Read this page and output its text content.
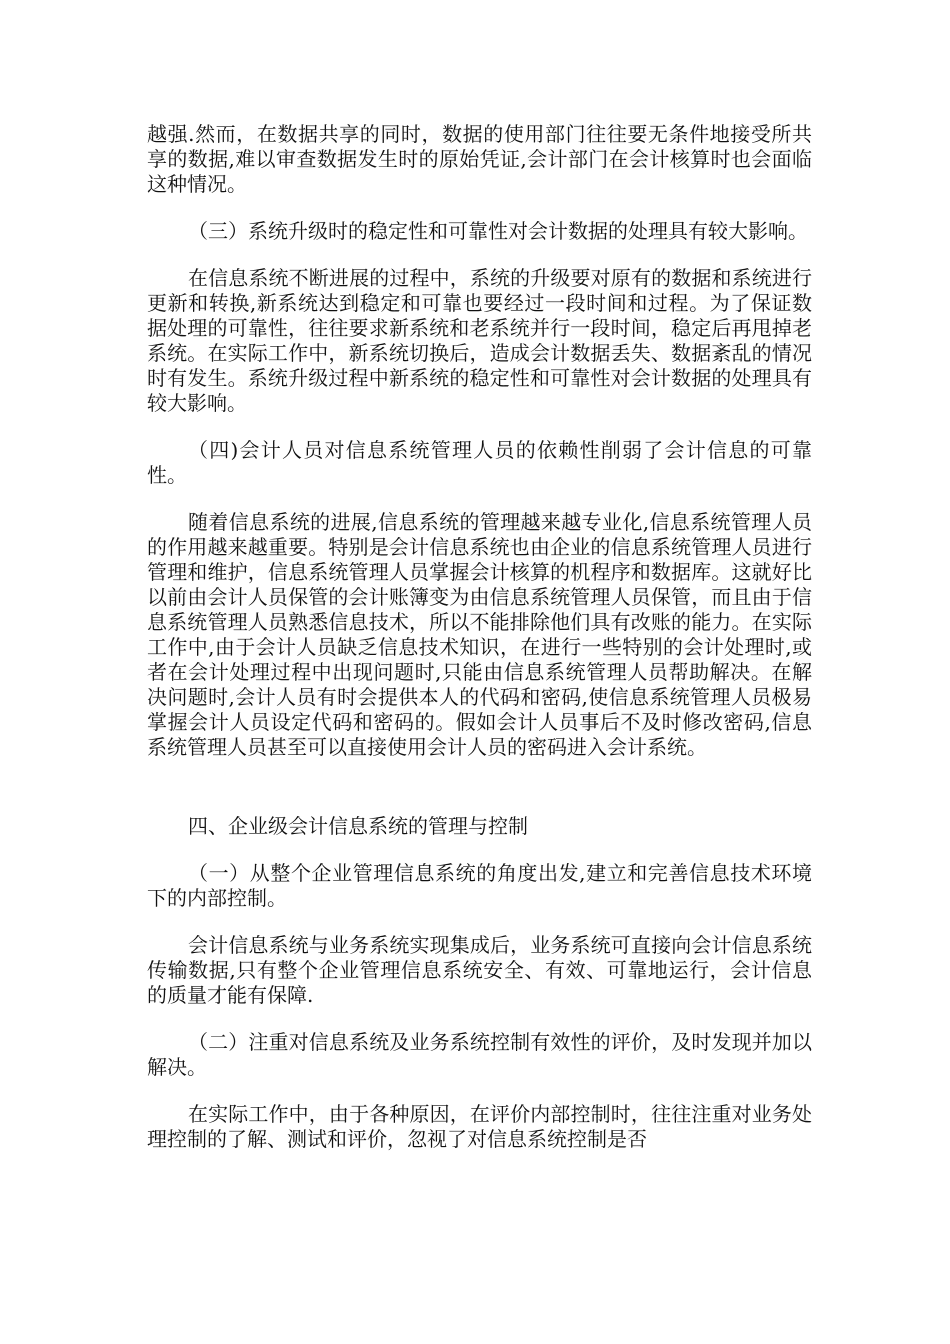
越强.然而，在数据共享的同时，数据的使用部门往往要无条件地接受所共享的数据,难以审查数据发生时的原始凭证,会计部门在会计核算时也会面临这种情况。

（三）系统升级时的稳定性和可靠性对会计数据的处理具有较大影响。

在信息系统不断进展的过程中，系统的升级要对原有的数据和系统进行更新和转换,新系统达到稳定和可靠也要经过一段时间和过程。为了保证数据处理的可靠性，往往要求新系统和老系统并行一段时间，稳定后再甩掉老系统。在实际工作中，新系统切换后，造成会计数据丢失、数据紊乱的情况时有发生。系统升级过程中新系统的稳定性和可靠性对会计数据的处理具有较大影响。

（四)会计人员对信息系统管理人员的依赖性削弱了会计信息的可靠性。

随着信息系统的进展,信息系统的管理越来越专业化,信息系统管理人员的作用越来越重要。特别是会计信息系统也由企业的信息系统管理人员进行管理和维护，信息系统管理人员掌握会计核算的机程序和数据库。这就好比以前由会计人员保管的会计账簿变为由信息系统管理人员保管，而且由于信息系统管理人员熟悉信息技术，所以不能排除他们具有改账的能力。在实际工作中,由于会计人员缺乏信息技术知识，在进行一些特别的会计处理时,或者在会计处理过程中出现问题时,只能由信息系统管理人员帮助解决。在解决问题时,会计人员有时会提供本人的代码和密码,使信息系统管理人员极易掌握会计人员设定代码和密码的。假如会计人员事后不及时修改密码,信息系统管理人员甚至可以直接使用会计人员的密码进入会计系统。

四、企业级会计信息系统的管理与控制

（一）从整个企业管理信息系统的角度出发,建立和完善信息技术环境下的内部控制。

会计信息系统与业务系统实现集成后，业务系统可直接向会计信息系统传输数据,只有整个企业管理信息系统安全、有效、可靠地运行，会计信息的质量才能有保障.

（二）注重对信息系统及业务系统控制有效性的评价，及时发现并加以解决。

在实际工作中，由于各种原因，在评价内部控制时，往往注重对业务处理控制的了解、测试和评价，忽视了对信息系统控制是否
